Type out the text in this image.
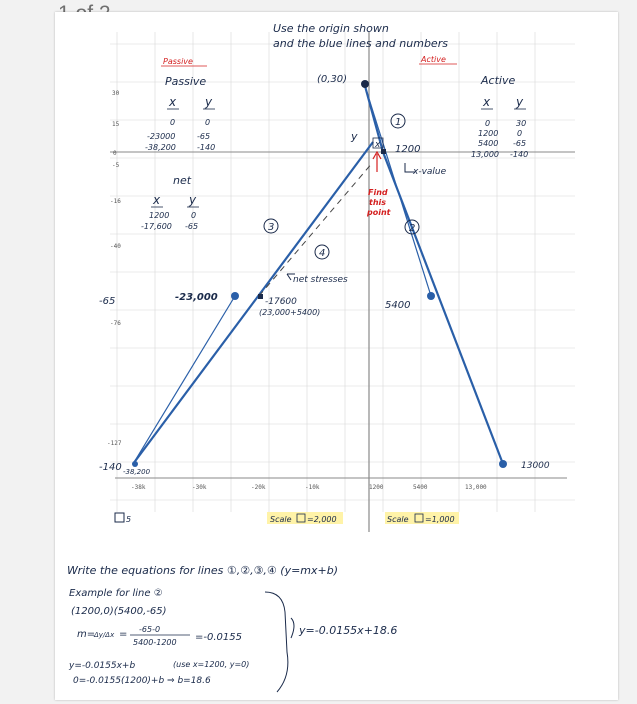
Use the origin shown
and the blue lines and numbers
Passive	Active
30
15
0
-5
-16
-40
-65
-76
-127
-140
-38k	-30k	-20k	-10k	1200	5400	13,000
Passive
x y
0	0
-23000	-65
-38,200	-140
net
x y
1200	0
-17,600 -65
Active
x y
0	30
1200 0
5400 -65
13,000 -140
(0,30)
y
x 1200
x-value
1
2
3
4
Find
this
point
net stresses
-23,000	-17600
(23,000+5400)
5400
13000
-38,200
5	Scale =2,000	Scale =1,000
Write the equations for lines ①,②,③,④ (y=mx+b)
Example for line ②
(1200,0)(5400,-65)
m=
Δy/Δx = -65-0
5400-1200 =-0.0155
y=-0.0155x+b	(use x=1200, y=0)
0=-0.0155(1200)+b ⇒ b=18.6
y=-0.0155x+18.6
